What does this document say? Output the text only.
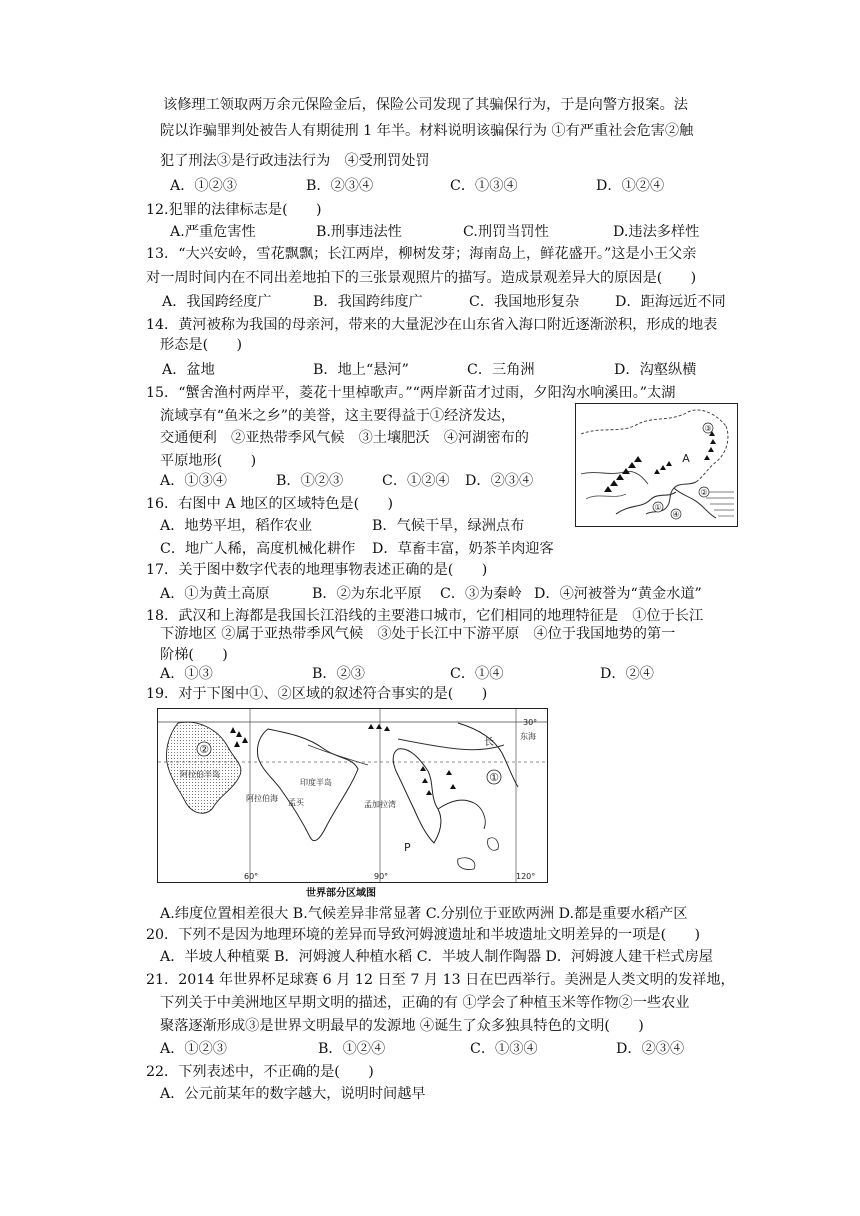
该修理工领取两万余元保险金后，保险公司发现了其骗保行为，于是向警方报案。法
院以诈骗罪判处被告人有期徒刑 1 年半。材料说明该骗保行为 ①有严重社会危害②触
犯了刑法③是行政违法行为　④受刑罚处罚
A．①②③	B．②③④	C．①③④	D．①②④
12.犯罪的法律标志是(　　)
A.严重危害性	B.刑事违法性	C.刑罚当罚性	D.违法多样性
13．“大兴安岭，雪花飘飘；长江两岸，柳树发芽；海南岛上，鲜花盛开。”这是小王父亲
对一周时间内在不同出差地拍下的三张景观照片的描写。造成景观差异大的原因是(　　)
A．我国跨经度广	B．我国跨纬度广	C．我国地形复杂	D．距海远近不同
14．黄河被称为我国的母亲河，带来的大量泥沙在山东省入海口附近逐渐淤积，形成的地表
形态是(　　)
A．盆地	B．地上“悬河”	C．三角洲	D．沟壑纵横
15．“蟹舍渔村两岸平，菱花十里棹歌声。”“两岸新苗才过雨，夕阳沟水响溪田。”太湖
流域享有“鱼米之乡”的美誉，这主要得益于①经济发达，
交通便利　②亚热带季风气候　③土壤肥沃　④河湖密布的
平原地形(　　)
A．①③④	B．①②③	C．①②④ D．②③④
③
A
②
①
④
16．右图中 A 地区的区域特色是(　　)
A．地势平坦，稻作农业	B．气候干旱，绿洲点布
C．地广人稀，高度机械化耕作 D．草畜丰富，奶茶羊肉迎客
17．关于图中数字代表的地理事物表述正确的是(　　)
A．①为黄土高原	B．②为东北平原 C．③为秦岭 D．④河被誉为“黄金水道”
18．武汉和上海都是我国长江沿线的主要港口城市，它们相同的地理特征是　①位于长江
下游地区 ②属于亚热带季风气候　③处于长江中下游平原　④位于我国地势的第一
阶梯(　　)
A．①③	B．②③	C．①④	D．②④
19．对于下图中①、②区域的叙述符合事实的是(　　)
②
①
阿拉伯半岛
阿拉伯海
印度半岛
孟加拉湾
孟买
长
东海
30°
P
60°	90°	120°
世界部分区域图
A.纬度位置相差很大 B.气候差异非常显著 C.分别位于亚欧两洲 D.都是重要水稻产区
20．下列不是因为地理环境的差异而导致河姆渡遗址和半坡遗址文明差异的一项是(　　)
A．半坡人种植粟 B．河姆渡人种植水稻 C．半坡人制作陶器 D．河姆渡人建干栏式房屋
21．2014 年世界杯足球赛 6 月 12 日至 7 月 13 日在巴西举行。美洲是人类文明的发祥地，
下列关于中美洲地区早期文明的描述，正确的有 ①学会了种植玉米等作物②一些农业
聚落逐渐形成③是世界文明最早的发源地 ④诞生了众多独具特色的文明(　　)
A．①②③	B．①②④	C．①③④	D．②③④
22．下列表述中，不正确的是(　　)
A．公元前某年的数字越大，说明时间越早
